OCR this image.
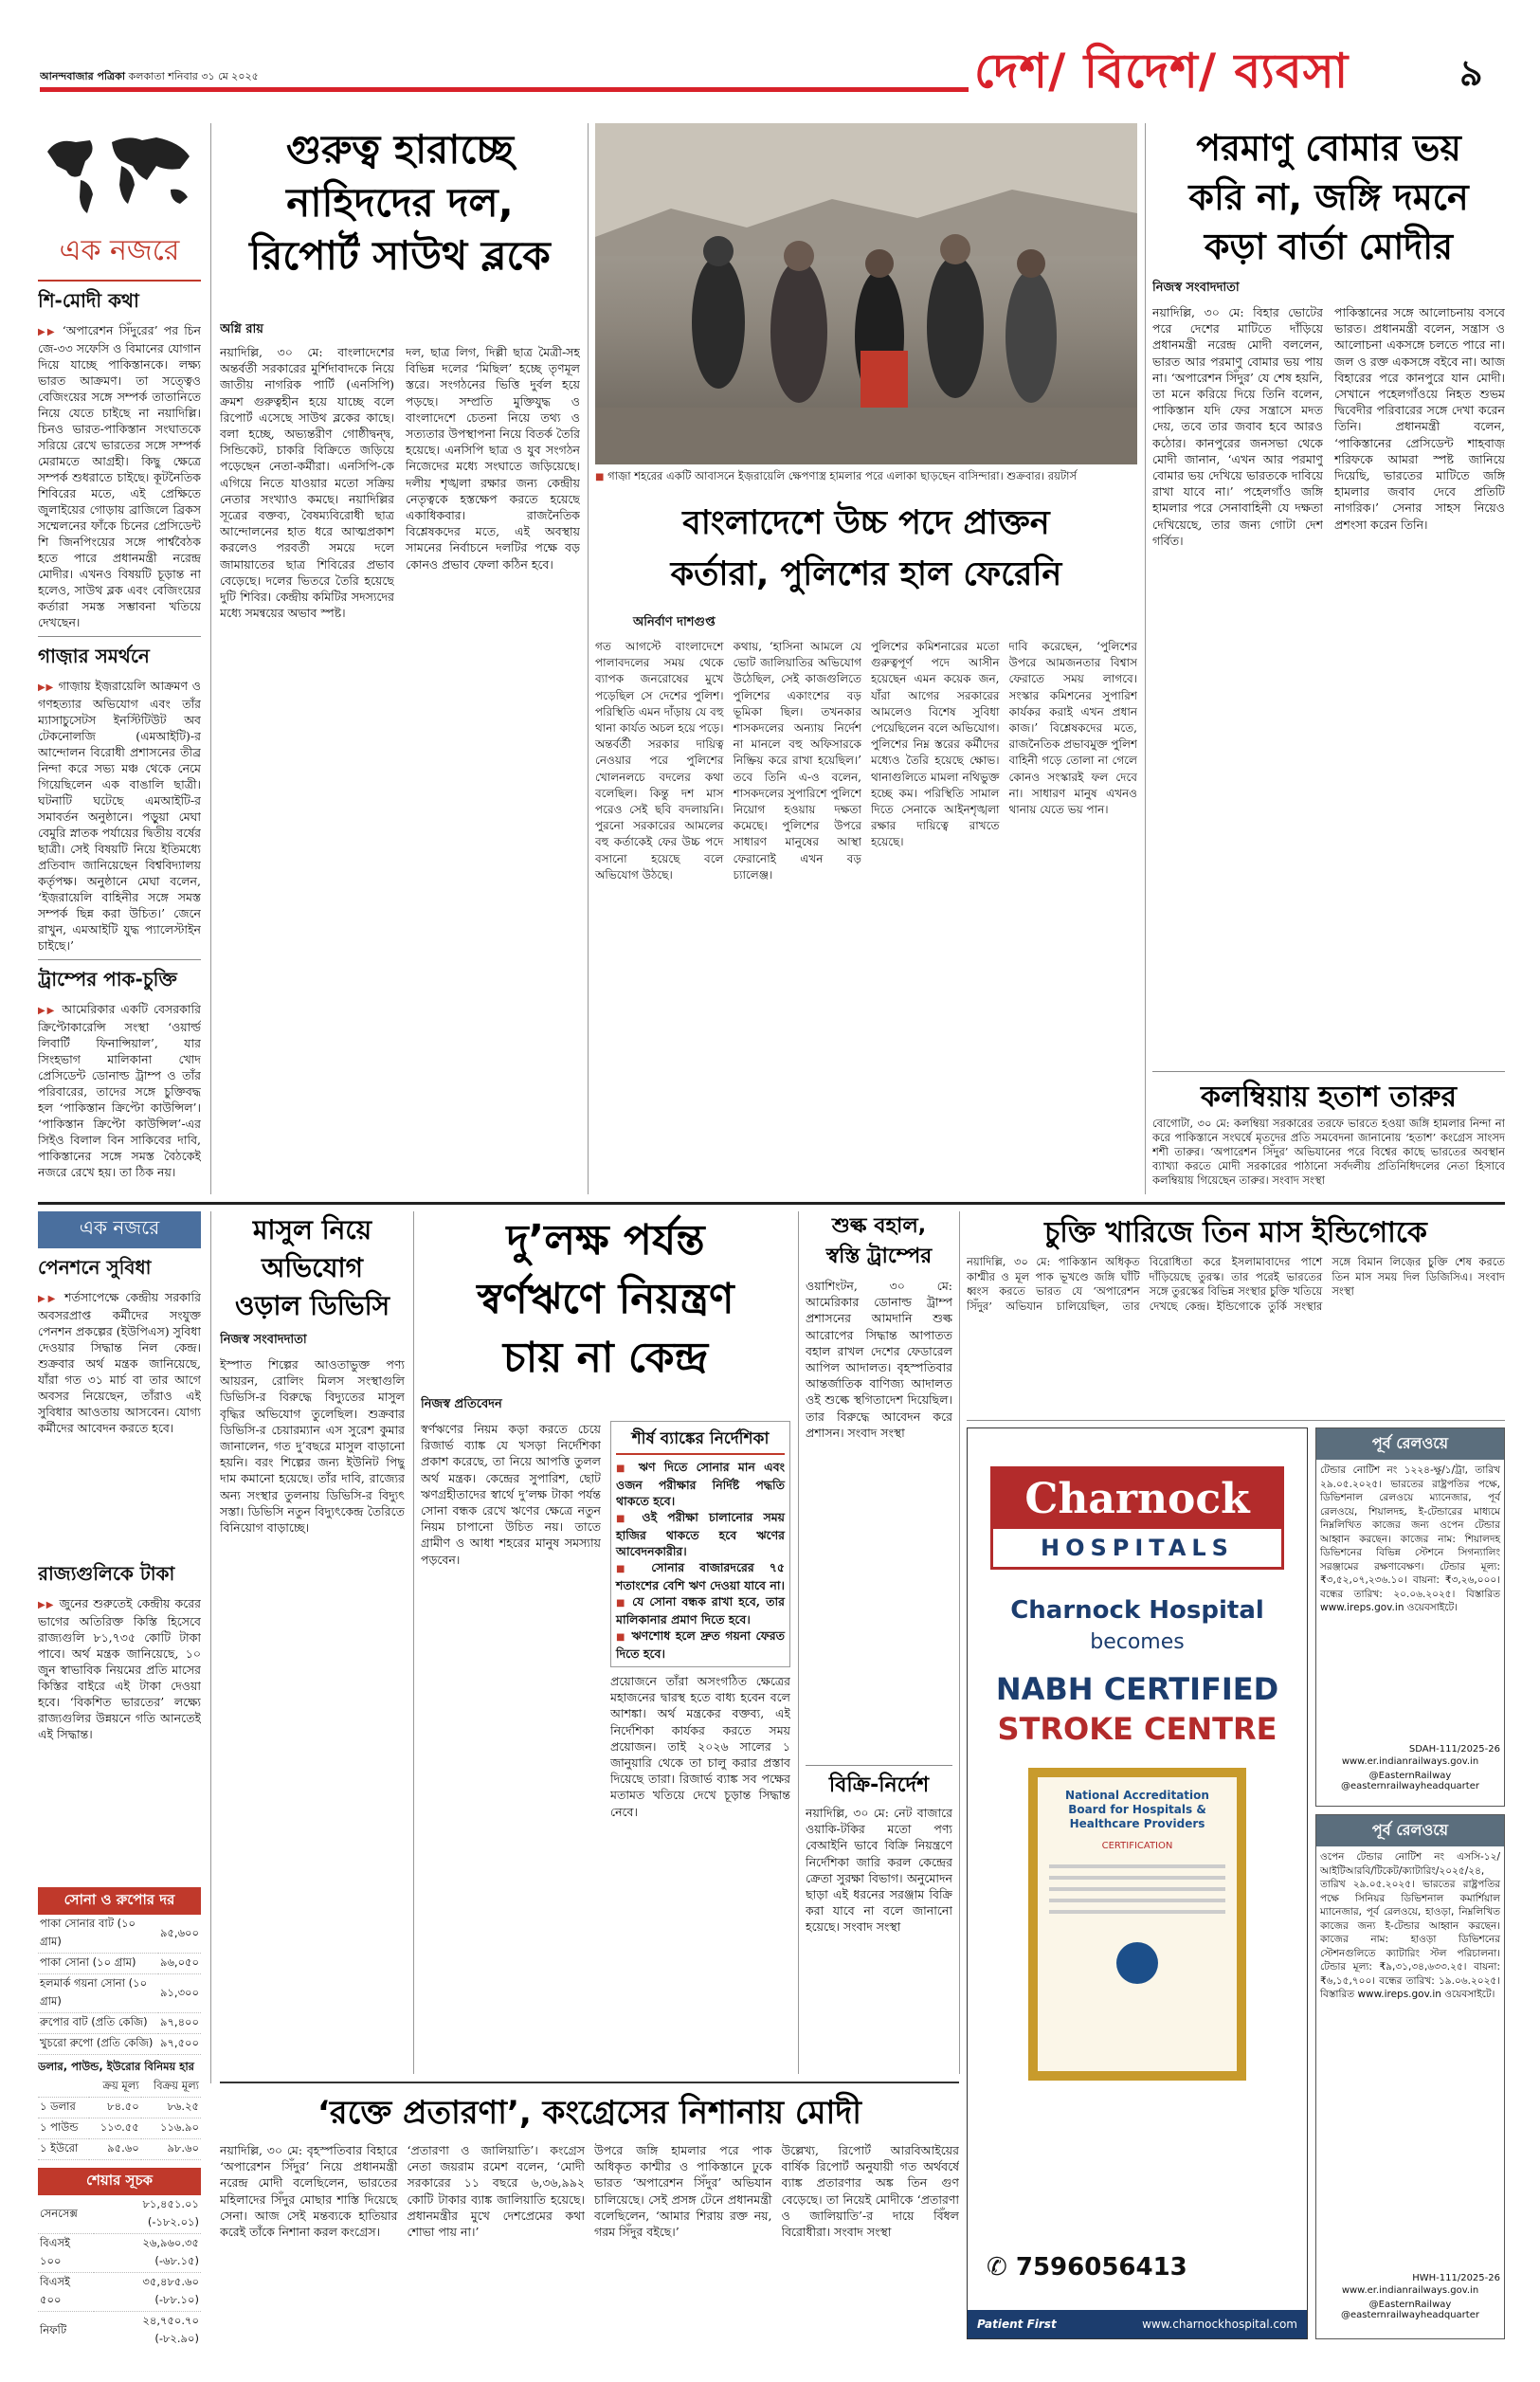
আনন্দবাজার পত্রিকা কলকাতা শনিবার ৩১ মে ২০২৫	দেশ/ বিদেশ/ ব্যবসা	৯
এক নজরে
শি-মোদী কথা
▶▶ ‘অপারেশন সিঁদুরের’ পর চিন জে-৩৩ সফেসি ও বিমানের যোগান দিয়ে যাচ্ছে পাকিস্তানকে। লক্ষ্য ভারত আক্রমণ। তা সত্ত্বেও বেজিংয়ের সঙ্গে সম্পর্ক তাতানিতে নিয়ে যেতে চাইছে না নয়াদিল্লি। চিনও ভারত-পাকিস্তান সংঘাতকে সরিয়ে রেখে ভারতের সঙ্গে সম্পর্ক মেরামতে আগ্রহী। কিছু ক্ষেত্রে সম্পর্ক শুধরাতে চাইছে। কূটনৈতিক শিবিরের মতে, এই প্রেক্ষিতে জুলাইয়ের গোড়ায় ব্রাজিলে ব্রিকস সম্মেলনের ফাঁকে চিনের প্রেসিডেন্ট শি জিনপিংয়ের সঙ্গে পার্শ্ববৈঠক হতে পারে প্রধানমন্ত্রী নরেন্দ্র মোদীর। এখনও বিষয়টি চূড়ান্ত না হলেও, সাউথ ব্লক এবং বেজিংয়ের কর্তারা সমস্ত সম্ভাবনা খতিয়ে দেখছেন।
গাজ়ার সমর্থনে
▶▶ গাজ়ায় ইজ়রায়েলি আক্রমণ ও গণহত্যার অভিযোগ এবং তাঁর ম্যাসাচুসেটস ইনস্টিটিউট অব টেকনোলজি (এমআইটি)-র আন্দোলন বিরোধী প্রশাসনের তীব্র নিন্দা করে সভ্য মঞ্চ থেকে নেমে গিয়েছিলেন এক বাঙালি ছাত্রী। ঘটনাটি ঘটেছে এমআইটি-র সমাবর্তন অনুষ্ঠানে। পড়ুয়া মেঘা বেমুরি স্নাতক পর্যায়ের দ্বিতীয় বর্ষের ছাত্রী। সেই বিষয়টি নিয়ে ইতিমধ্যে প্রতিবাদ জানিয়েছেন বিশ্ববিদ্যালয় কর্তৃপক্ষ। অনুষ্ঠানে মেঘা বলেন, ‘ইজ়রায়েলি বাহিনীর সঙ্গে সমস্ত সম্পর্ক ছিন্ন করা উচিত।’ জেনে রাখুন, এমআইটি যুদ্ধ প্যালেস্টাইন চাইছে।’
ট্রাম্পের পাক-চুক্তি
▶▶ আমেরিকার একটি বেসরকারি ক্রিপ্টোকারেন্সি সংস্থা ‘ওয়ার্ল্ড লিবার্টি ফিনান্সিয়াল’, যার সিংহভাগ মালিকানা খোদ প্রেসিডেন্ট ডোনাল্ড ট্রাম্প ও তাঁর পরিবারের, তাদের সঙ্গে চুক্তিবদ্ধ হল ‘পাকিস্তান ক্রিপ্টো কাউন্সিল’। ‘পাকিস্তান ক্রিপ্টো কাউন্সিল’-এর সিইও বিলাল বিন সাকিবের দাবি, পাকিস্তানের সঙ্গে সমস্ত বৈঠকেই নজরে রেখে হয়। তা ঠিক নয়।
গুরুত্ব হারাচ্ছে
নাহিদদের দল,
রিপোর্ট সাউথ ব্লকে
অগ্নি রায়
নয়াদিল্লি, ৩০ মে: বাংলাদেশের অন্তর্বর্তী সরকারের মুর্শিদাবাদকে নিয়ে জাতীয় নাগরিক পার্টি (এনসিপি) ক্রমশ গুরুত্বহীন হয়ে যাচ্ছে বলে রিপোর্ট এসেছে সাউথ ব্লকের কাছে। বলা হচ্ছে, অভ্যন্তরীণ গোষ্ঠীদ্বন্দ্ব, সিন্ডিকেট, চাকরি বিক্রিতে জড়িয়ে পড়েছেন নেতা-কর্মীরা। এনসিপি-কে এগিয়ে নিতে যাওয়ার মতো সক্রিয় নেতার সংখ্যাও কমছে। নয়াদিল্লির সূত্রের বক্তব্য, বৈষম্যবিরোধী ছাত্র আন্দোলনের হাত ধরে আত্মপ্রকাশ করলেও পরবর্তী সময়ে দলে জামায়াতের ছাত্র শিবিরের প্রভাব বেড়েছে। দলের ভিতরে তৈরি হয়েছে দুটি শিবির। কেন্দ্রীয় কমিটির সদস্যদের মধ্যে সমন্বয়ের অভাব স্পষ্ট।
দল, ছাত্র লিগ, দিল্লী ছাত্র মৈত্রী-সহ বিভিন্ন দলের ‘মিছিল’ হচ্ছে তৃণমূল স্তরে। সংগঠনের ভিত্তি দুর্বল হয়ে পড়ছে। সম্প্রতি মুক্তিযুদ্ধ ও বাংলাদেশে চেতনা নিয়ে তথ্য ও সত্যতার উপস্থাপনা নিয়ে বিতর্ক তৈরি হয়েছে। এনসিপি ছাত্র ও যুব সংগঠন নিজেদের মধ্যে সংঘাতে জড়িয়েছে। দলীয় শৃঙ্খলা রক্ষার জন্য কেন্দ্রীয় নেতৃত্বকে হস্তক্ষেপ করতে হয়েছে একাধিকবার। রাজনৈতিক বিশ্লেষকদের মতে, এই অবস্থায় সামনের নির্বাচনে দলটির পক্ষে বড় কোনও প্রভাব ফেলা কঠিন হবে।
■ গাজ়া শহরের একটি আবাসনে ইজ়রায়েলি ক্ষেপণাস্ত্র হামলার পরে এলাকা ছাড়ছেন বাসিন্দারা। শুক্রবার। রয়টার্স
পরমাণু বোমার ভয়
করি না, জঙ্গি দমনে
কড়া বার্তা মোদীর
নিজস্ব সংবাদদাতা
নয়াদিল্লি, ৩০ মে: বিহার ভোটের পরে দেশের মাটিতে দাঁড়িয়ে প্রধানমন্ত্রী নরেন্দ্র মোদী বললেন, ভারত আর পরমাণু বোমার ভয় পায় না। ‘অপারেশন সিঁদুর’ যে শেষ হয়নি, তা মনে করিয়ে দিয়ে তিনি বলেন, পাকিস্তান যদি ফের সন্ত্রাসে মদত দেয়, তবে তার জবাব হবে আরও কঠোর। কানপুরের জনসভা থেকে মোদী জানান, ‘এখন আর পরমাণু বোমার ভয় দেখিয়ে ভারতকে দাবিয়ে রাখা যাবে না।’ পহেলগাঁও জঙ্গি হামলার পরে সেনাবাহিনী যে দক্ষতা দেখিয়েছে, তার জন্য গোটা দেশ গর্বিত।
পাকিস্তানের সঙ্গে আলোচনায় বসবে ভারত। প্রধানমন্ত্রী বলেন, সন্ত্রাস ও আলোচনা একসঙ্গে চলতে পারে না। জল ও রক্ত একসঙ্গে বইবে না। আজ বিহারের পরে কানপুরে যান মোদী। সেখানে পহেলগাঁওয়ে নিহত শুভম দ্বিবেদীর পরিবারের সঙ্গে দেখা করেন তিনি। প্রধানমন্ত্রী বলেন, ‘পাকিস্তানের প্রেসিডেন্ট শাহবাজ় শরিফকে আমরা স্পষ্ট জানিয়ে দিয়েছি, ভারতের মাটিতে জঙ্গি হামলার জবাব দেবে প্রতিটি নাগরিক।’ সেনার সাহস নিয়েও প্রশংসা করেন তিনি।
কলম্বিয়ায় হতাশ তারুর
বোগোটা, ৩০ মে: কলম্বিয়া সরকারের তরফে ভারতে হওয়া জঙ্গি হামলার নিন্দা না করে পাকিস্তানে সংঘর্ষে মৃতদের প্রতি সমবেদনা জানানোয় ‘হতাশ’ কংগ্রেস সাংসদ শশী তারুর। ‘অপারেশন সিঁদুর’ অভিযানের পরে বিশ্বের কাছে ভারতের অবস্থান ব্যাখ্যা করতে মোদী সরকারের পাঠানো সর্বদলীয় প্রতিনিধিদলের নেতা হিসাবে কলম্বিয়ায় গিয়েছেন তারুর। সংবাদ সংস্থা
বাংলাদেশে উচ্চ পদে প্রাক্তন
কর্তারা, পুলিশের হাল ফেরেনি
অনির্বাণ দাশগুপ্ত
গত আগস্টে বাংলাদেশে পালাবদলের সময় থেকে ব্যাপক জনরোষের মুখে পড়েছিল সে দেশের পুলিশ। পরিস্থিতি এমন দাঁড়ায় যে বহু থানা কার্যত অচল হয়ে পড়ে। অন্তর্বর্তী সরকার দায়িত্ব নেওয়ার পরে পুলিশের খোলনলচে বদলের কথা বলেছিল। কিন্তু দশ মাস পরেও সেই ছবি বদলায়নি। পুরনো সরকারের আমলের বহু কর্তাকেই ফের উচ্চ পদে বসানো হয়েছে বলে অভিযোগ উঠছে।
কথায়, ‘হাসিনা আমলে যে ভোট জালিয়াতির অভিযোগ উঠেছিল, সেই কাজগুলিতে পুলিশের একাংশের বড় ভূমিকা ছিল। তখনকার শাসকদলের অন্যায় নির্দেশ না মানলে বহু অফিসারকে নিষ্ক্রিয় করে রাখা হয়েছিল।’ তবে তিনি এ-ও বলেন, শাসকদলের সুপারিশে পুলিশে নিয়োগ হওয়ায় দক্ষতা কমেছে। পুলিশের উপরে সাধারণ মানুষের আস্থা ফেরানোই এখন বড় চ্যালেঞ্জ।
পুলিশের কমিশনারের মতো গুরুত্বপূর্ণ পদে আসীন হয়েছেন এমন কয়েক জন, যাঁরা আগের সরকারের আমলেও বিশেষ সুবিধা পেয়েছিলেন বলে অভিযোগ। পুলিশের নিম্ন স্তরের কর্মীদের মধ্যেও তৈরি হয়েছে ক্ষোভ। থানাগুলিতে মামলা নথিভুক্ত হচ্ছে কম। পরিস্থিতি সামাল দিতে সেনাকে আইনশৃঙ্খলা রক্ষার দায়িত্বে রাখতে হয়েছে।
দাবি করেছেন, ‘পুলিশের উপরে আমজনতার বিশ্বাস ফেরাতে সময় লাগবে। সংস্কার কমিশনের সুপারিশ কার্যকর করাই এখন প্রধান কাজ।’ বিশ্লেষকদের মতে, রাজনৈতিক প্রভাবমুক্ত পুলিশ বাহিনী গড়ে তোলা না গেলে কোনও সংস্কারই ফল দেবে না। সাধারণ মানুষ এখনও থানায় যেতে ভয় পান।
এক নজরে
পেনশনে সুবিধা
▶▶ শর্তসাপেক্ষে কেন্দ্রীয় সরকারি অবসরপ্রাপ্ত কর্মীদের সংযুক্ত পেনশন প্রকল্পের (ইউপিএস) সুবিধা দেওয়ার সিদ্ধান্ত নিল কেন্দ্র। শুক্রবার অর্থ মন্ত্রক জানিয়েছে, যাঁরা গত ৩১ মার্চ বা তার আগে অবসর নিয়েছেন, তাঁরাও এই সুবিধার আওতায় আসবেন। যোগ্য কর্মীদের আবেদন করতে হবে।
রাজ্যগুলিকে টাকা
▶▶ জুনের শুরুতেই কেন্দ্রীয় করের ভাগের অতিরিক্ত কিস্তি হিসেবে রাজ্যগুলি ৮১,৭৩৫ কোটি টাকা পাবে। অর্থ মন্ত্রক জানিয়েছে, ১০ জুন স্বাভাবিক নিয়মের প্রতি মাসের কিস্তির বাইরে এই টাকা দেওয়া হবে। ‘বিকশিত ভারতের’ লক্ষ্যে রাজ্যগুলির উন্নয়নে গতি আনতেই এই সিদ্ধান্ত।
সোনা ও রুপোর দর
পাকা সোনার বাট (১০ গ্রাম)	৯৫,৬০০
পাকা সোনা (১০ গ্রাম)	৯৬,০৫০
হলমার্ক গয়না সোনা (১০ গ্রাম)	৯১,৩০০
রুপোর বাট (প্রতি কেজি)	৯৭,৪০০
খুচরো রুপো (প্রতি কেজি)	৯৭,৫০০
ডলার, পাউন্ড, ইউরোর বিনিময় হার
	ক্রয় মূল্য	বিক্রয় মূল্য
১ ডলার	৮৪.৫০	৮৬.২৫
১ পাউন্ড	১১৩.৫৫	১১৬.৯০
১ ইউরো	৯৫.৬০	৯৮.৬০
শেয়ার সূচক
সেনসেক্স	৮১,৪৫১.০১ (-১৮২.০১)
বিএসই ১০০	২৬,৯৬০.৩৫ (-৬৮.১৫)
বিএসই ৫০০	৩৫,৪৮৫.৬০ (-৮৮.১০)
নিফটি	২৪,৭৫০.৭০ (-৮২.৯০)
মাসুল নিয়ে
অভিযোগ
ওড়াল ডিভিসি
নিজস্ব সংবাদদাতা
ইস্পাত শিল্পের আওতাভুক্ত পণ্য আয়রন, রোলিং মিলস সংস্থাগুলি ডিভিসি-র বিরুদ্ধে বিদ্যুতের মাসুল বৃদ্ধির অভিযোগ তুলেছিল। শুক্রবার ডিভিসি-র চেয়ারম্যান এস সুরেশ কুমার জানালেন, গত দু’বছরে মাসুল বাড়ানো হয়নি। বরং শিল্পের জন্য ইউনিট পিছু দাম কমানো হয়েছে। তাঁর দাবি, রাজ্যের অন্য সংস্থার তুলনায় ডিভিসি-র বিদ্যুৎ সস্তা। ডিভিসি নতুন বিদ্যুৎকেন্দ্র তৈরিতে বিনিয়োগ বাড়াচ্ছে।
দু’লক্ষ পর্যন্ত
স্বর্ণঋণে নিয়ন্ত্রণ
চায় না কেন্দ্র
নিজস্ব প্রতিবেদন
স্বর্ণঋণের নিয়ম কড়া করতে চেয়ে রিজার্ভ ব্যাঙ্ক যে খসড়া নির্দেশিকা প্রকাশ করেছে, তা নিয়ে আপত্তি তুলল অর্থ মন্ত্রক। কেন্দ্রের সুপারিশ, ছোট ঋণগ্রহীতাদের স্বার্থে দু’লক্ষ টাকা পর্যন্ত সোনা বন্ধক রেখে ঋণের ক্ষেত্রে নতুন নিয়ম চাপানো উচিত নয়। তাতে গ্রামীণ ও আধা শহরের মানুষ সমস্যায় পড়বেন।
শীর্ষ ব্যাঙ্কের নির্দেশিকা
■ ঋণ দিতে সোনার মান এবং ওজন পরীক্ষার নির্দিষ্ট পদ্ধতি থাকতে হবে।
■ ওই পরীক্ষা চালানোর সময় হাজির থাকতে হবে ঋণের আবেদনকারীর।
■ সোনার বাজারদরের ৭৫ শতাংশের বেশি ঋণ দেওয়া যাবে না।
■ যে সোনা বন্ধক রাখা হবে, তার মালিকানার প্রমাণ দিতে হবে।
■ ঋণশোধ হলে দ্রুত গয়না ফেরত দিতে হবে।
প্রয়োজনে তাঁরা অসংগঠিত ক্ষেত্রের মহাজনের দ্বারস্থ হতে বাধ্য হবেন বলে আশঙ্কা। অর্থ মন্ত্রকের বক্তব্য, এই নির্দেশিকা কার্যকর করতে সময় প্রয়োজন। তাই ২০২৬ সালের ১ জানুয়ারি থেকে তা চালু করার প্রস্তাব দিয়েছে তারা। রিজার্ভ ব্যাঙ্ক সব পক্ষের মতামত খতিয়ে দেখে চূড়ান্ত সিদ্ধান্ত নেবে।
শুল্ক বহাল,
স্বস্তি ট্রাম্পের
ওয়াশিংটন, ৩০ মে: আমেরিকার ডোনাল্ড ট্রাম্প প্রশাসনের আমদানি শুল্ক আরোপের সিদ্ধান্ত আপাতত বহাল রাখল দেশের ফেডারেল আপিল আদালত। বৃহস্পতিবার আন্তর্জাতিক বাণিজ্য আদালত ওই শুল্কে স্থগিতাদেশ দিয়েছিল। তার বিরুদ্ধে আবেদন করে প্রশাসন। সংবাদ সংস্থা
বিক্রি-নির্দেশ
নয়াদিল্লি, ৩০ মে: নেট বাজারে ওয়াকি-টকির মতো পণ্য বেআইনি ভাবে বিক্রি নিয়ন্ত্রণে নির্দেশিকা জারি করল কেন্দ্রের ক্রেতা সুরক্ষা বিভাগ। অনুমোদন ছাড়া এই ধরনের সরঞ্জাম বিক্রি করা যাবে না বলে জানানো হয়েছে। সংবাদ সংস্থা
চুক্তি খারিজে তিন মাস ইন্ডিগোকে
নয়াদিল্লি, ৩০ মে: পাকিস্তান অধিকৃত কাশ্মীর ও মূল পাক ভূখণ্ডে জঙ্গি ঘাঁটি ধ্বংস করতে ভারত যে ‘অপারেশন সিঁদুর’ অভিযান চালিয়েছিল, তার বিরোধিতা করে ইসলামাবাদের পাশে দাঁড়িয়েছে তুরস্ক। তার পরেই ভারতের সঙ্গে তুরস্কের বিভিন্ন সংস্থার চুক্তি খতিয়ে দেখছে কেন্দ্র। ইন্ডিগোকে তুর্কি সংস্থার সঙ্গে বিমান লিজ়ের চুক্তি শেষ করতে তিন মাস সময় দিল ডিজিসিএ। সংবাদ সংস্থা
Charnock
HOSPITALS
Charnock Hospital
becomes
NABH CERTIFIED
STROKE CENTRE
National Accreditation Board for Hospitals & Healthcare Providers
CERTIFICATION
✆ 7596056413
Patient First	www.charnockhospital.com
পূর্ব রেলওয়ে
টেন্ডার নোটিশ নং ১২২৪-ক্ষু/১/ট্রা, তারিখ ২৯.০৫.২০২৫। ভারতের রাষ্ট্রপতির পক্ষে, ডিভিশনাল রেলওয়ে ম্যানেজার, পূর্ব রেলওয়ে, শিয়ালদহ, ই-টেন্ডারের মাধ্যমে নিম্নলিখিত কাজের জন্য ওপেন টেন্ডার আহ্বান করছেন। কাজের নাম: শিয়ালদহ ডিভিশনের বিভিন্ন স্টেশনে সিগন্যালিং সরঞ্জামের রক্ষণাবেক্ষণ। টেন্ডার মূল্য: ₹৩,৫২,০৭,২৩৬.১০। বায়না: ₹৩,২৬,০০০। বন্ধের তারিখ: ২০.০৬.২০২৫। বিস্তারিত www.ireps.gov.in ওয়েবসাইটে।
SDAH-111/2025-26
www.er.indianrailways.gov.in
@EasternRailway @easternrailwayheadquarter
পূর্ব রেলওয়ে
ওপেন টেন্ডার নোটিশ নং এসসি-১২/আইটিআরবি/টিকেট/ক্যাটারিং/২০২৫/২৪, তারিখ ২৯.০৫.২০২৫। ভারতের রাষ্ট্রপতির পক্ষে সিনিয়র ডিভিশনাল কমার্শিয়াল ম্যানেজার, পূর্ব রেলওয়ে, হাওড়া, নিম্নলিখিত কাজের জন্য ই-টেন্ডার আহ্বান করছেন। কাজের নাম: হাওড়া ডিভিশনের স্টেশনগুলিতে ক্যাটারিং স্টল পরিচালনা। টেন্ডার মূল্য: ₹৯,৩১,৩৪,৬৩৩.২৫। বায়না: ₹৬,১৫,৭০০। বন্ধের তারিখ: ১৯.০৬.২০২৫। বিস্তারিত www.ireps.gov.in ওয়েবসাইটে।
HWH-111/2025-26
www.er.indianrailways.gov.in
@EasternRailway @easternrailwayheadquarter
‘রক্তে প্রতারণা’, কংগ্রেসের নিশানায় মোদী
নয়াদিল্লি, ৩০ মে: বৃহস্পতিবার বিহারে ‘অপারেশন সিঁদুর’ নিয়ে প্রধানমন্ত্রী নরেন্দ্র মোদী বলেছিলেন, ভারতের মহিলাদের সিঁদুর মোছার শাস্তি দিয়েছে সেনা। আজ সেই মন্তব্যকে হাতিয়ার করেই তাঁকে নিশানা করল কংগ্রেস।
‘প্রতারণা ও জালিয়াতি’। কংগ্রেস নেতা জয়রাম রমেশ বলেন, ‘মোদী সরকারের ১১ বছরে ৬,৩৬,৯৯২ কোটি টাকার ব্যাঙ্ক জালিয়াতি হয়েছে। প্রধানমন্ত্রীর মুখে দেশপ্রেমের কথা শোভা পায় না।’
উপরে জঙ্গি হামলার পরে পাক অধিকৃত কাশ্মীর ও পাকিস্তানে ঢুকে ভারত ‘অপারেশন সিঁদুর’ অভিযান চালিয়েছে। সেই প্রসঙ্গ টেনে প্রধানমন্ত্রী বলেছিলেন, ‘আমার শিরায় রক্ত নয়, গরম সিঁদুর বইছে।’
উল্লেখ্য, রিপোর্ট আরবিআইয়ের বার্ষিক রিপোর্ট অনুযায়ী গত অর্থবর্ষে ব্যাঙ্ক প্রতারণার অঙ্ক তিন গুণ বেড়েছে। তা নিয়েই মোদীকে ‘প্রতারণা ও জালিয়াতি’-র দায়ে বিঁধল বিরোধীরা। সংবাদ সংস্থা
